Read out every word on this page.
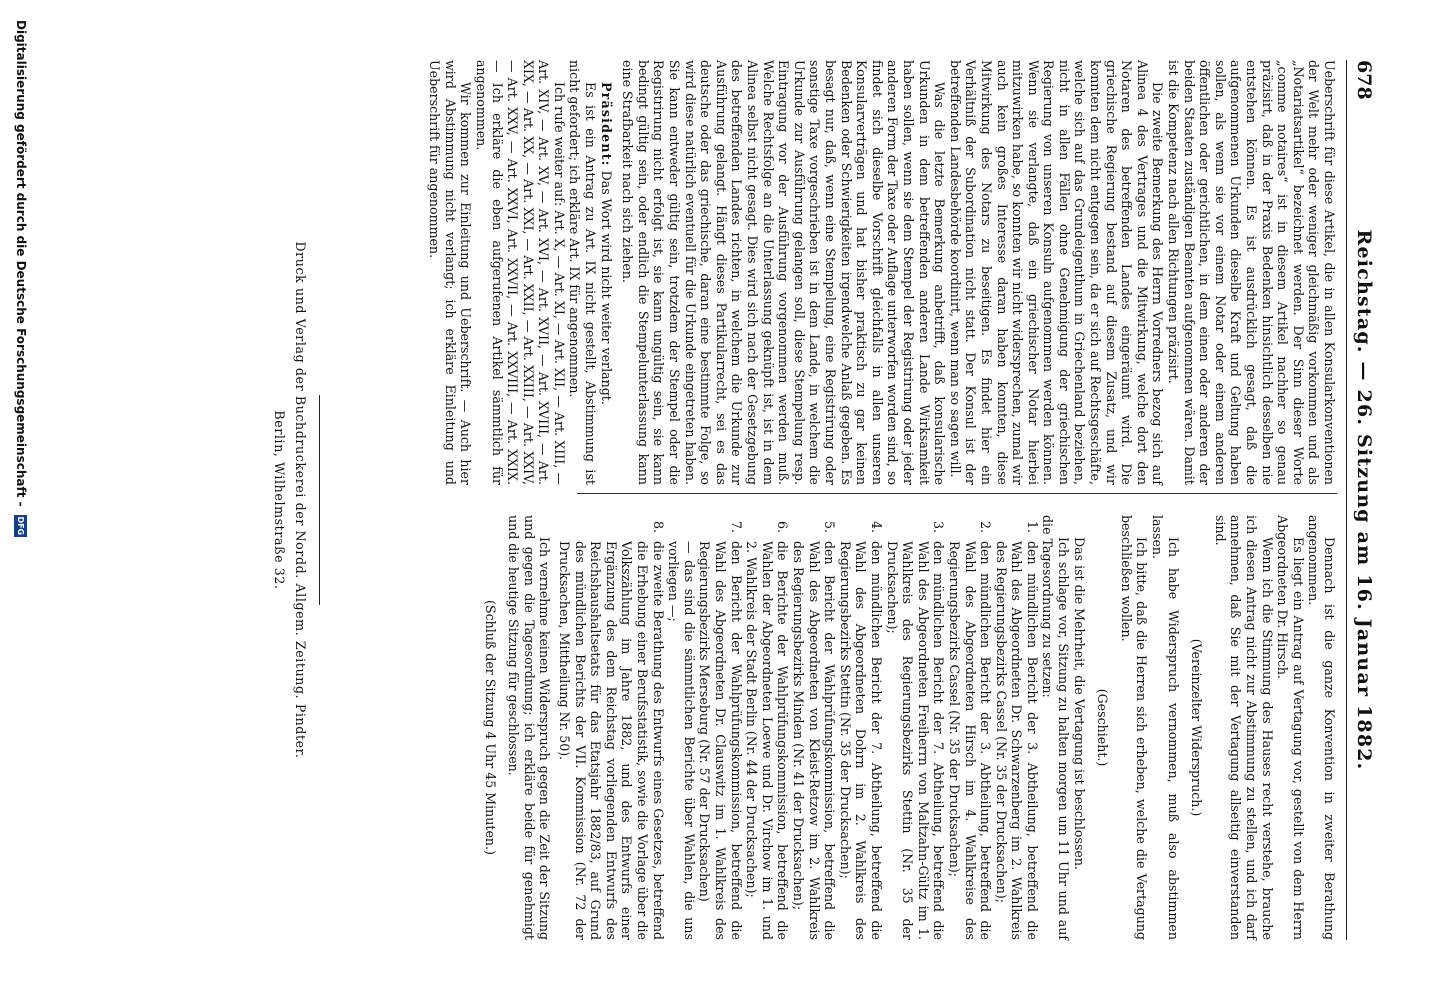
678
Reichstag. — 26. Sitzung am 16. Januar 1882.

Ueberschrift für diese Artikel, die in allen Konsularkonventionen der Welt mehr oder weniger gleichmäßig vorkommen und als „Notariatsartikel“ bezeichnet werden. Der Sinn dieser Worte „comme notaires“ ist in diesem Artikel nachher so genau präzisirt, daß in der Praxis Bedenken hinsichtlich desselben nie entstehen können. Es ist ausdrücklich gesagt, daß die aufgenommenen Urkunden dieselbe Kraft und Geltung haben sollen, als wenn sie vor einem Notar oder einem anderen öffentlichen oder gerichtlichen, in dem einen oder anderen der beiden Staaten zuständigen Beamten aufgenommen wären. Damit ist die Kompetenz nach allen Richtungen präzisirt.

Die zweite Bemerkung des Herrn Vorredners bezog sich auf Alinea 4 des Vertrages und die Mitwirkung, welche dort den Notaren des betreffenden Landes eingeräumt wird. Die griechische Regierung bestand auf diesem Zusatz, und wir konnten dem nicht entgegen sein, da er sich auf Rechtsgeschäfte, welche sich auf das Grundeigenthum in Griechenland beziehen, nicht in allen Fällen ohne Genehmigung der griechischen Regierung von unseren Konsuln aufgenommen werden können. Wenn sie verlangte, daß ein griechischer Notar hierbei mitzuwirken habe, so konnten wir nicht widersprechen, zumal wir auch kein großes Interesse daran haben konnten, diese Mitwirkung des Notars zu beseitigen. Es findet hier ein Verhältniß der Subordination nicht statt. Der Konsul ist der betreffenden Landesbehörde koordinirt, wenn man so sagen will.

Was die letzte Bemerkung anbetrifft, daß konsularische Urkunden in dem betreffenden anderen Lande Wirksamkeit haben sollen, wenn sie dem Stempel der Registrirung oder jeder anderen Form der Taxe oder Auflage unterworfen worden sind, so findet sich dieselbe Vorschrift gleichfalls in allen unseren Konsularverträgen und hat bisher praktisch zu gar keinen Bedenken oder Schwierigkeiten irgendwelche Anlaß gegeben. Es besagt nur, daß, wenn eine Stempelung, eine Registrirung oder sonstige Taxe vorgeschrieben ist in dem Lande, in welchem die Urkunde zur Ausführung gelangen soll, diese Stempelung resp. Eintragung vor der Ausführung vorgenommen werden muß. Welche Rechtsfolge an die Unterlassung geknüpft ist, ist in dem Alinea selbst nicht gesagt. Dies wird sich nach der Gesetzgebung des betreffenden Landes richten, in welchem die Urkunde zur Ausführung gelangt. Hängt dieses Partikularrecht, sei es das deutsche oder das griechische, daran eine bestimmte Folge, so wird diese natürlich eventuell für die Urkunde eingetreten haben. Sie kann entweder gültig sein, trotzdem der Stempel oder die Registrirung nicht erfolgt ist, sie kann ungültig sein, sie kann bedingt gültig sein, oder endlich die Stempelunterlassung kann eine Strafbarkeit nach sich ziehen.

Präsident: Das Wort wird nicht weiter verlangt.

Es ist ein Antrag zu Art. IX nicht gestellt, Abstimmung ist nicht gefordert; ich erkläre Art. IX für angenommen.

Ich rufe weiter auf: Art. X, — Art. XI, — Art. XII, — Art. XIII, — Art. XIV, — Art. XV, — Art. XVI, — Art. XVII, — Art. XVIII, — Art. XIX, — Art. XX, — Art. XXI, — Art. XXII, — Art. XXIII, — Art. XXIV, — Art. XXV, — Art. XXVI, Art. XXVII, — Art. XXVIII, — Art. XXIX. — Ich erkläre die eben aufgerufenen Artikel sämmtlich für angenommen.

Wir kommen zur Einleitung und Ueberschrift. — Auch hier wird Abstimmung nicht verlangt; ich erkläre Einleitung und Ueberschrift für angenommen.

Dennach ist die ganze Konvention in zweiter Berathung angenommen.

Es liegt ein Antrag auf Vertagung vor, gestellt von dem Herrn Abgeordneten Dr. Hirsch.

Wenn ich die Stimmung des Hauses recht verstehe, brauche ich diesen Antrag nicht zur Abstimmung zu stellen, und ich darf annehmen, daß Sie mit der Vertagung allseitig einverstanden sind.

(Vereinzelter Widerspruch.)

Ich habe Widerspruch vernommen, muß also abstimmen lassen.

Ich bitte, daß die Herren sich erheben, welche die Vertagung beschließen wollen.

(Geschieht.)

Das ist die Mehrheit, die Vertagung ist beschlossen.

Ich schlage vor, Sitzung zu halten morgen um 11 Uhr und auf die Tagesordnung zu setzen:

1.
den mündlichen Bericht der 3. Abtheilung, betreffend die Wahl des Abgeordneten Dr. Schwarzenberg im 2. Wahlkreis des Regierungsbezirks Cassel (Nr. 35 der Drucksachen);

2.
den mündlichen Bericht der 3. Abtheilung, betreffend die Wahl des Abgeordneten Hirsch im 4. Wahlkreise des Regierungsbezirks Cassel (Nr. 35 der Drucksachen);

3.
den mündlichen Bericht der 7. Abtheilung, betreffend die Wahl des Abgeordneten Freiherrn von Maltzahn-Gültz im 1. Wahlkreis des Regierungsbezirks Stettin (Nr. 35 der Drucksachen);

4.
den mündlichen Bericht der 7. Abtheilung, betreffend die Wahl des Abgeordneten Dohrn im 2. Wahlkreis des Regierungsbezirks Stettin (Nr. 35 der Drucksachen);

5.
den Bericht der Wahlprüfungskommission, betreffend die Wahl des Abgeordneten von Kleist-Retzow im 2. Wahlkreis des Regierungsbezirks Minden (Nr. 41 der Drucksachen);

6.
die Berichte der Wahlprüfungskommission, betreffend die Wahlen der Abgeordneten Loewe und Dr. Virchow im 1. und 2. Wahlkreis der Stadt Berlin (Nr. 44 der Drucksachen);

7.
den Bericht der Wahlprüfungskommission, betreffend die Wahl des Abgeordneten Dr. Clauswitz im 1. Wahlkreis des Regierungsbezirks Merseburg (Nr. 57 der Drucksachen)

— das sind die sämmtlichen Berichte über Wahlen, die uns vorliegen —;

8.
die zweite Berathung des Entwurfs eines Gesetzes, betreffend die Erhebung einer Berufsstatistik, sowie die Vorlage über die Volkszählung im Jahre 1882, und des Entwurfs einer Ergänzung des dem Reichstag vorliegenden Entwurfs des Reichshaushaltsetats für das Etatsjahr 1882/83, auf Grund des mündlichen Berichts der VII. Kommission (Nr. 72 der Drucksachen, Mittheilung Nr. 50).

Ich vernehme keinen Widerspruch gegen die Zeit der Sitzung und gegen die Tagesordnung; ich erkläre beide für genehmigt und die heutige Sitzung für geschlossen.

(Schluß der Sitzung 4 Uhr 45 Minuten.)

Druck und Verlag der Buchdruckerei der Nordd. Allgem. Zeitung. Pindter.
Berlin, Wilhelmstraße 32.
Digitalisierung gefördert durch die Deutsche Forschungsgemeinschaft - DFG
